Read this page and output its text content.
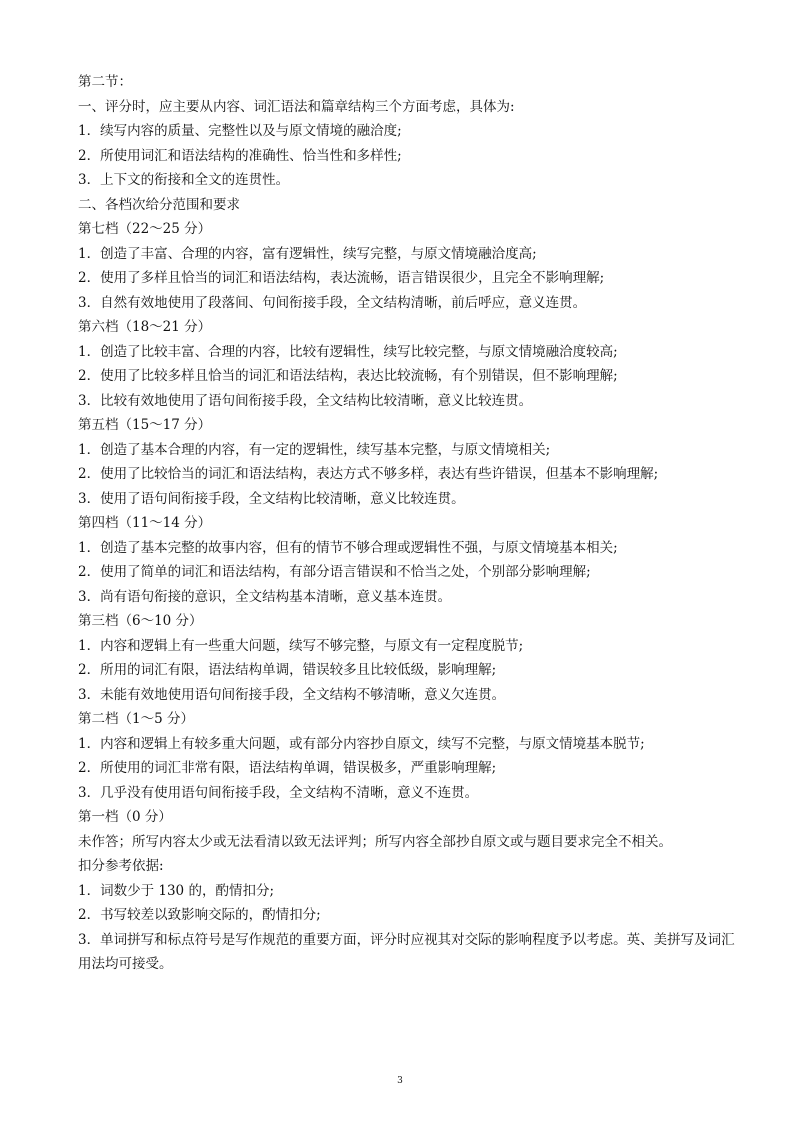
第二节：
一、评分时，应主要从内容、词汇语法和篇章结构三个方面考虑，具体为:
1．续写内容的质量、完整性以及与原文情境的融洽度;
2．所使用词汇和语法结构的准确性、恰当性和多样性;
3．上下文的衔接和全文的连贯性。
二、各档次给分范围和要求
第七档（22～25 分）
1．创造了丰富、合理的内容，富有逻辑性，续写完整，与原文情境融洽度高;
2．使用了多样且恰当的词汇和语法结构，表达流畅，语言错误很少，且完全不影响理解;
3．自然有效地使用了段落间、句间衔接手段，全文结构清晰，前后呼应，意义连贯。
第六档（18～21 分）
1．创造了比较丰富、合理的内容，比较有逻辑性，续写比较完整，与原文情境融洽度较高;
2．使用了比较多样且恰当的词汇和语法结构，表达比较流畅，有个别错误，但不影响理解;
3．比较有效地使用了语句间衔接手段，全文结构比较清晰，意义比较连贯。
第五档（15～17 分）
1．创造了基本合理的内容，有一定的逻辑性，续写基本完整，与原文情境相关;
2．使用了比较恰当的词汇和语法结构，表达方式不够多样，表达有些许错误，但基本不影响理解;
3．使用了语句间衔接手段，全文结构比较清晰，意义比较连贯。
第四档（11～14 分）
1．创造了基本完整的故事内容，但有的情节不够合理或逻辑性不强，与原文情境基本相关;
2．使用了简单的词汇和语法结构，有部分语言错误和不恰当之处，个别部分影响理解;
3．尚有语句衔接的意识，全文结构基本清晰，意义基本连贯。
第三档（6～10 分）
1．内容和逻辑上有一些重大问题，续写不够完整，与原文有一定程度脱节;
2．所用的词汇有限，语法结构单调，错误较多且比较低级，影响理解;
3．未能有效地使用语句间衔接手段，全文结构不够清晰，意义欠连贯。
第二档（1～5 分）
1．内容和逻辑上有较多重大问题，或有部分内容抄自原文，续写不完整，与原文情境基本脱节;
2．所使用的词汇非常有限，语法结构单调，错误极多，严重影响理解;
3．几乎没有使用语句间衔接手段，全文结构不清晰，意义不连贯。
第一档（0 分）
未作答；所写内容太少或无法看清以致无法评判；所写内容全部抄自原文或与题目要求完全不相关。
扣分参考依据:
1．词数少于 130 的，酌情扣分;
2．书写较差以致影响交际的，酌情扣分;
3．单词拼写和标点符号是写作规范的重要方面，评分时应视其对交际的影响程度予以考虑。英、美拼写及词汇用法均可接受。
3
